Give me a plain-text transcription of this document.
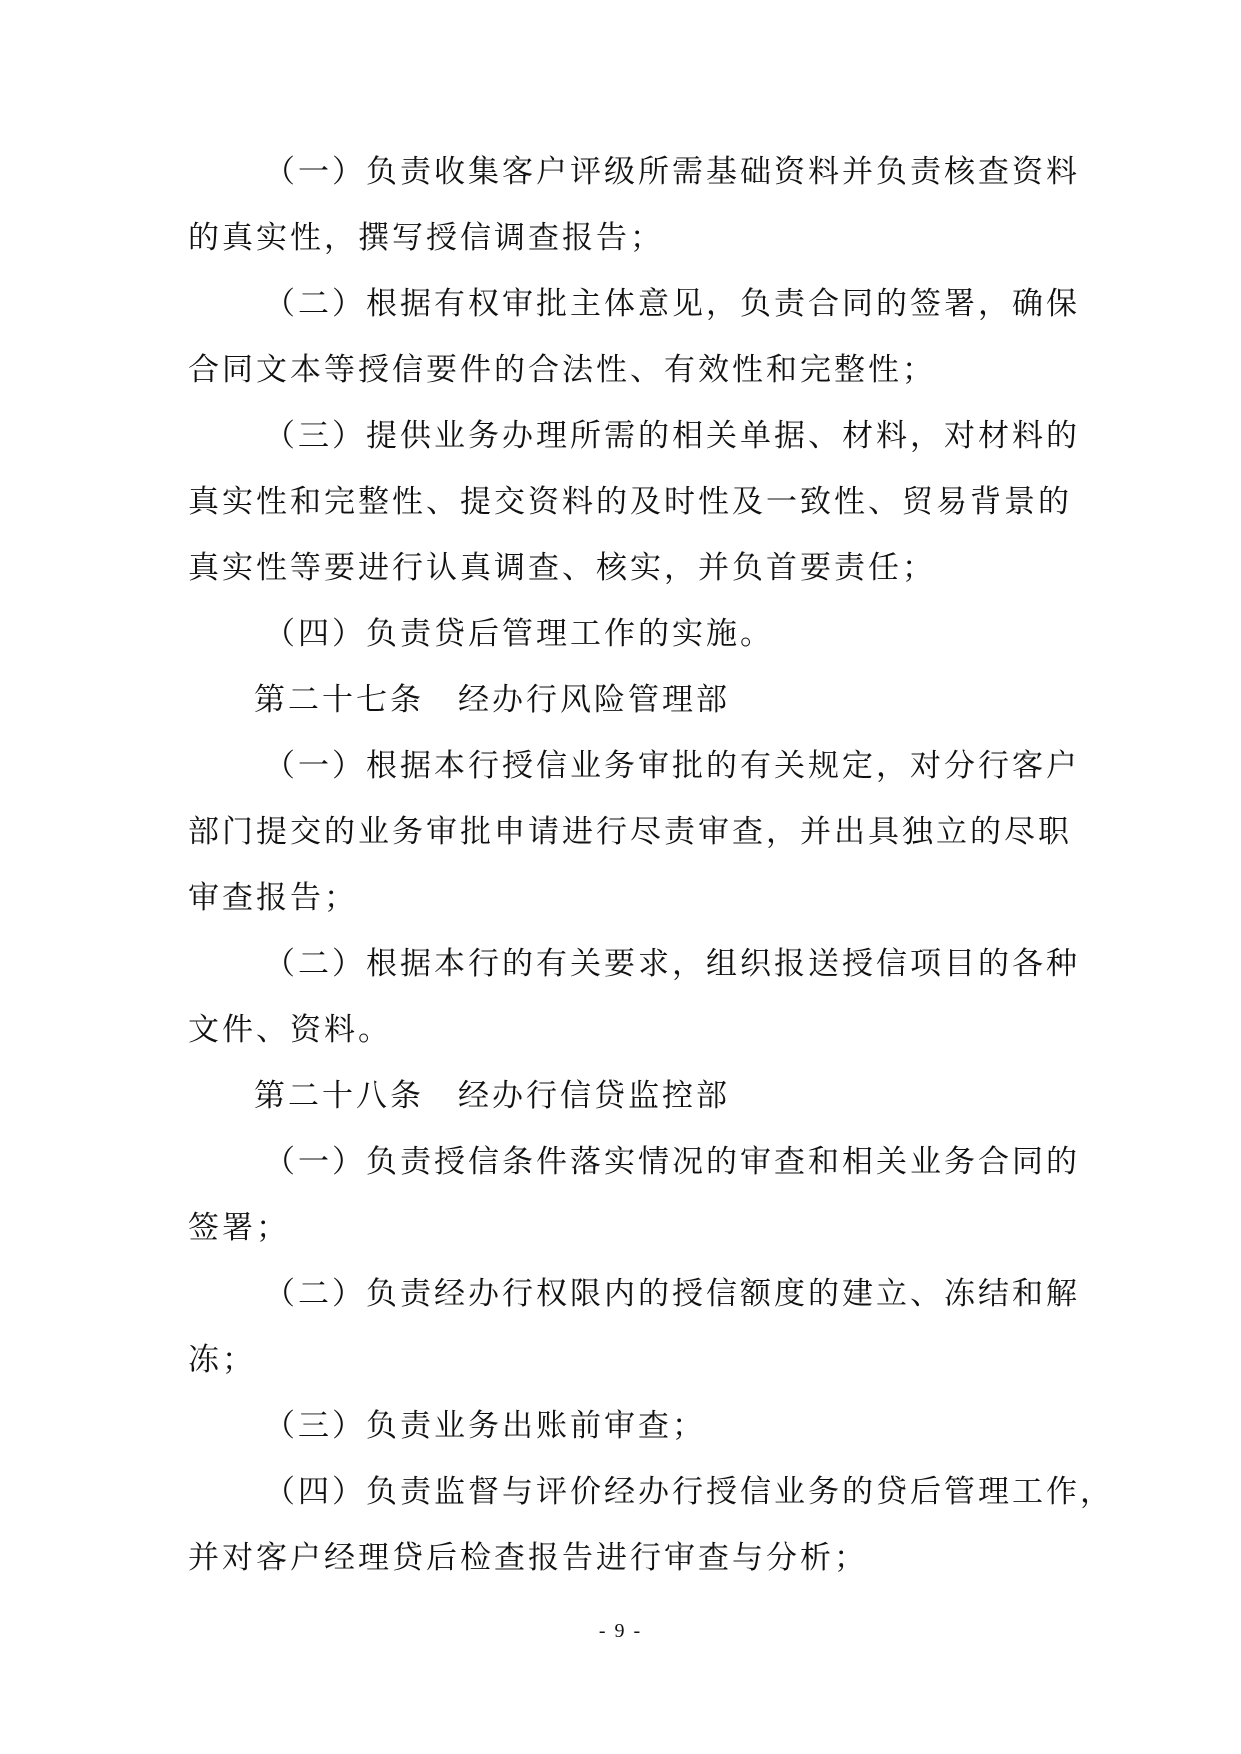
（一）负责收集客户评级所需基础资料并负责核查资料
的真实性，撰写授信调查报告；
（二）根据有权审批主体意见，负责合同的签署，确保
合同文本等授信要件的合法性、有效性和完整性；
（三）提供业务办理所需的相关单据、材料，对材料的
真实性和完整性、提交资料的及时性及一致性、贸易背景的
真实性等要进行认真调查、核实，并负首要责任；
（四）负责贷后管理工作的实施。
第二十七条　经办行风险管理部
（一）根据本行授信业务审批的有关规定，对分行客户
部门提交的业务审批申请进行尽责审查，并出具独立的尽职
审查报告；
（二）根据本行的有关要求，组织报送授信项目的各种
文件、资料。
第二十八条　经办行信贷监控部
（一）负责授信条件落实情况的审查和相关业务合同的
签署；
（二）负责经办行权限内的授信额度的建立、冻结和解
冻；
（三）负责业务出账前审查；
（四）负责监督与评价经办行授信业务的贷后管理工作，
并对客户经理贷后检查报告进行审查与分析；
- 9 -
